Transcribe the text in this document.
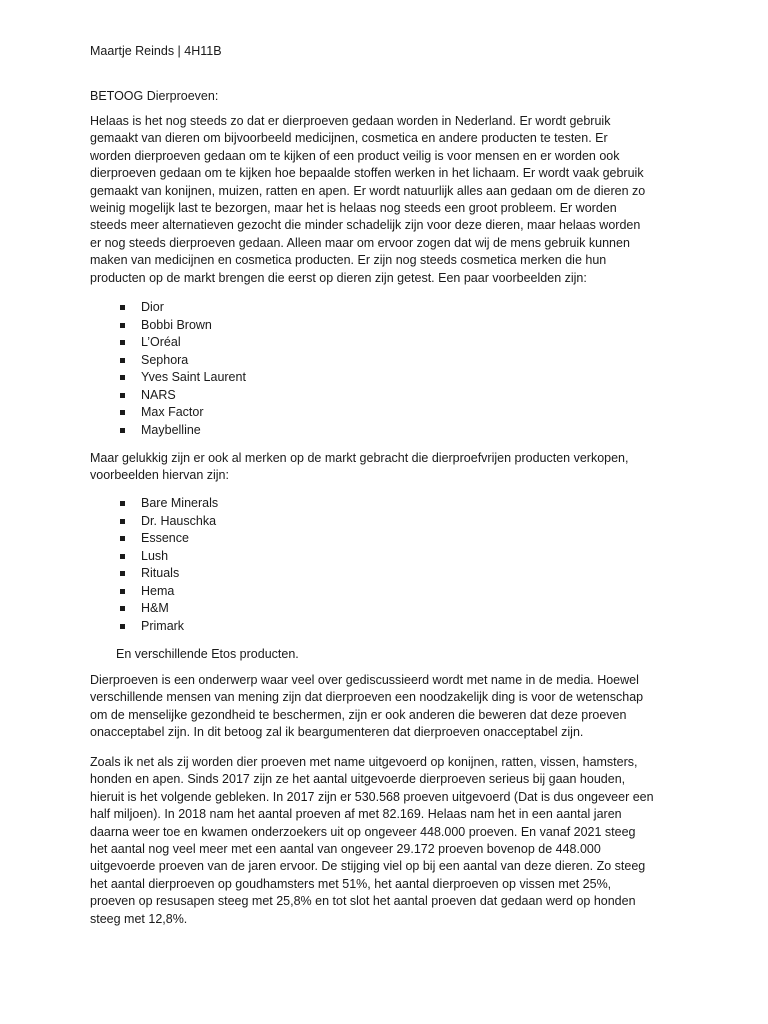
Maartje Reinds | 4H11B

BETOOG Dierproeven:

Helaas is het nog steeds zo dat er dierproeven gedaan worden in Nederland. Er wordt gebruik
gemaakt van dieren om bijvoorbeeld medicijnen, cosmetica en andere producten te testen. Er
worden dierproeven gedaan om te kijken of een product veilig is voor mensen en er worden ook
dierproeven gedaan om te kijken hoe bepaalde stoffen werken in het lichaam. Er wordt vaak gebruik
gemaakt van konijnen, muizen, ratten en apen. Er wordt natuurlijk alles aan gedaan om de dieren zo
weinig mogelijk last te bezorgen, maar het is helaas nog steeds een groot probleem. Er worden
steeds meer alternatieven gezocht die minder schadelijk zijn voor deze dieren, maar helaas worden
er nog steeds dierproeven gedaan. Alleen maar om ervoor zogen dat wij de mens gebruik kunnen
maken van medicijnen en cosmetica producten. Er zijn nog steeds cosmetica merken die hun
producten op de markt brengen die eerst op dieren zijn getest. Een paar voorbeelden zijn:
Dior
Bobbi Brown
L’Oréal
Sephora
Yves Saint Laurent
NARS
Max Factor
Maybelline
Maar gelukkig zijn er ook al merken op de markt gebracht die dierproefvrijen producten verkopen,
voorbeelden hiervan zijn:
Bare Minerals
Dr. Hauschka
Essence
Lush
Rituals
Hema
H&M
Primark

En verschillende Etos producten.

Dierproeven is een onderwerp waar veel over gediscussieerd wordt met name in de media. Hoewel
verschillende mensen van mening zijn dat dierproeven een noodzakelijk ding is voor de wetenschap
om de menselijke gezondheid te beschermen, zijn er ook anderen die beweren dat deze proeven
onacceptabel zijn. In dit betoog zal ik beargumenteren dat dierproeven onacceptabel zijn.
Zoals ik net als zij worden dier proeven met name uitgevoerd op konijnen, ratten, vissen, hamsters,
honden en apen. Sinds 2017 zijn ze het aantal uitgevoerde dierproeven serieus bij gaan houden,
hieruit is het volgende gebleken. In 2017 zijn er 530.568 proeven uitgevoerd (Dat is dus ongeveer een
half miljoen). In 2018 nam het aantal proeven af met 82.169. Helaas nam het in een aantal jaren
daarna weer toe en kwamen onderzoekers uit op ongeveer 448.000 proeven. En vanaf 2021 steeg
het aantal nog veel meer met een aantal van ongeveer 29.172 proeven bovenop de 448.000
uitgevoerde proeven van de jaren ervoor. De stijging viel op bij een aantal van deze dieren. Zo steeg
het aantal dierproeven op goudhamsters met 51%, het aantal dierproeven op vissen met 25%,
proeven op resusapen steeg met 25,8% en tot slot het aantal proeven dat gedaan werd op honden
steeg met 12,8%.
